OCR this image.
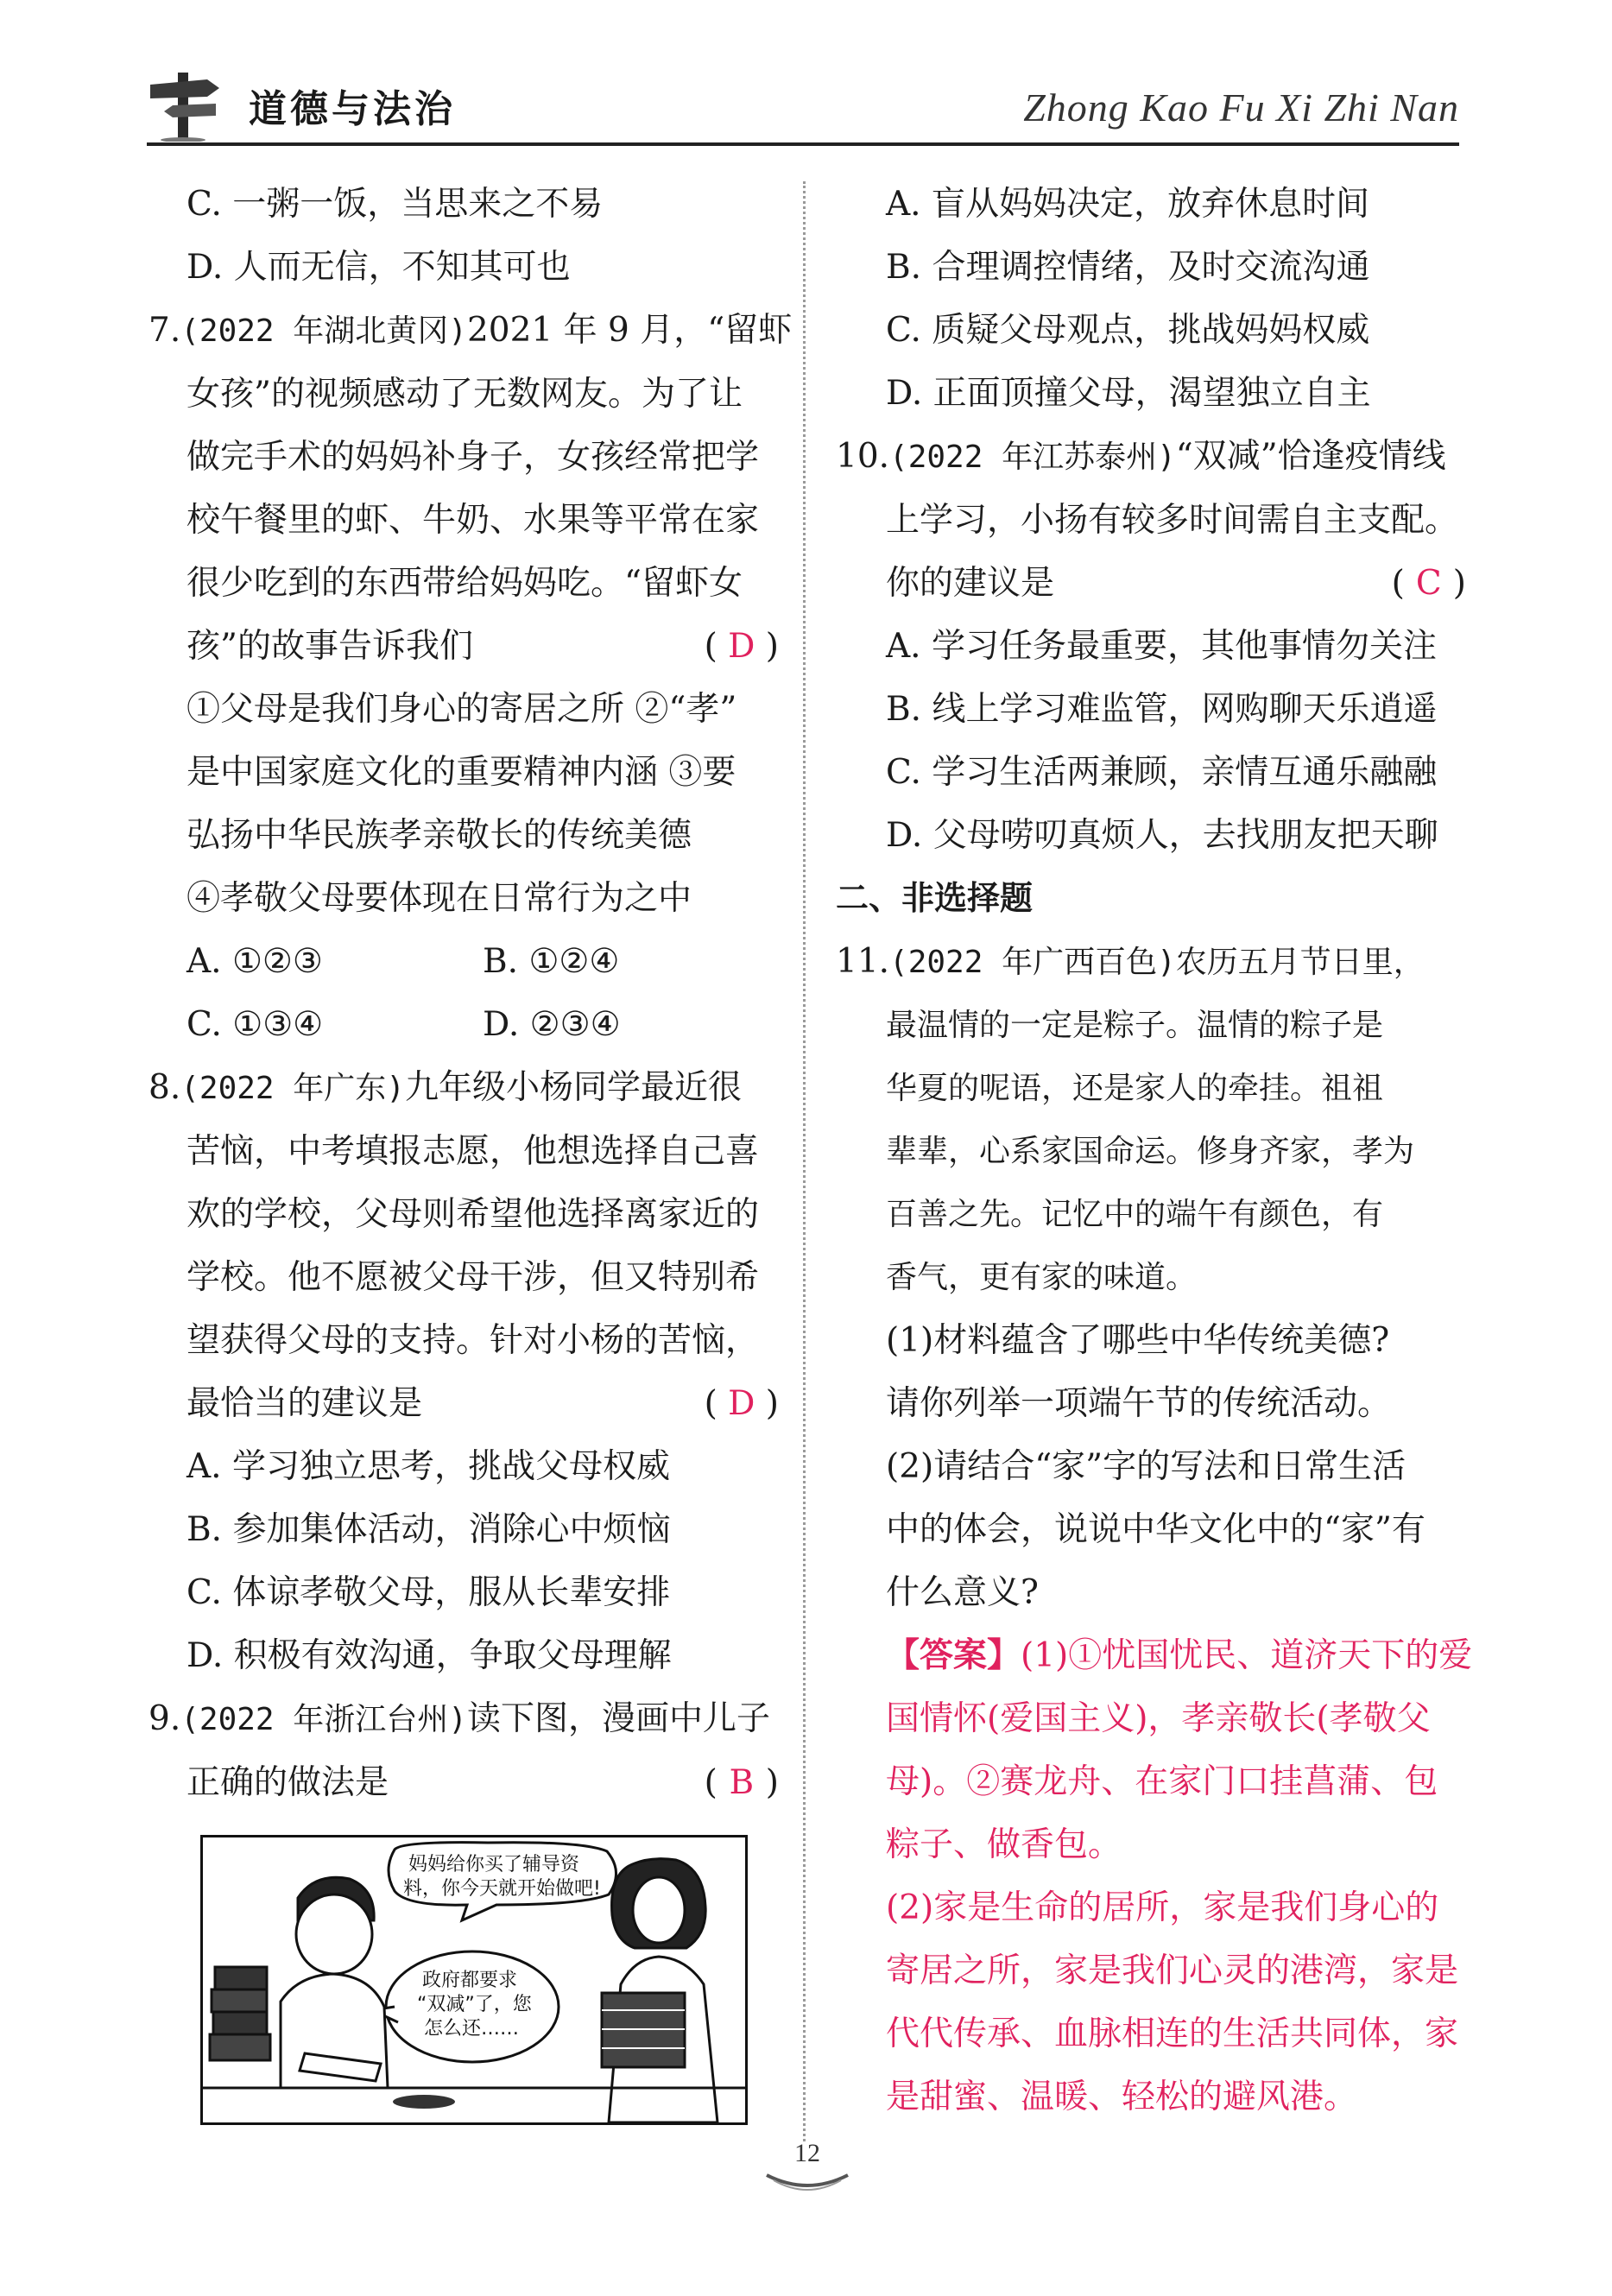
道德与法治	Zhong Kao Fu Xi Zhi Nan
C. 一粥一饭，当思来之不易
D. 人而无信，不知其可也
7.(2022 年湖北黄冈)2021 年 9 月，“留虾
女孩”的视频感动了无数网友。为了让
做完手术的妈妈补身子，女孩经常把学
校午餐里的虾、牛奶、水果等平常在家
很少吃到的东西带给妈妈吃。“留虾女
孩”的故事告诉我们	( D )
①父母是我们身心的寄居之所 ②“孝”
是中国家庭文化的重要精神内涵 ③要
弘扬中华民族孝亲敬长的传统美德
④孝敬父母要体现在日常行为之中
A. ①②③	B. ①②④
C. ①③④	D. ②③④
8.(2022 年广东)九年级小杨同学最近很
苦恼，中考填报志愿，他想选择自己喜
欢的学校，父母则希望他选择离家近的
学校。他不愿被父母干涉，但又特别希
望获得父母的支持。针对小杨的苦恼，
最恰当的建议是	( D )
A. 学习独立思考，挑战父母权威
B. 参加集体活动，消除心中烦恼
C. 体谅孝敬父母，服从长辈安排
D. 积极有效沟通，争取父母理解
9.(2022 年浙江台州)读下图，漫画中儿子
正确的做法是	( B )
妈妈给你买了辅导资
料，你今天就开始做吧!
政府都要求
“双减”了，您
怎么还……
A. 盲从妈妈决定，放弃休息时间
B. 合理调控情绪，及时交流沟通
C. 质疑父母观点，挑战妈妈权威
D. 正面顶撞父母，渴望独立自主
10.(2022 年江苏泰州)“双减”恰逢疫情线
上学习，小扬有较多时间需自主支配。
你的建议是	( C )
A. 学习任务最重要，其他事情勿关注
B. 线上学习难监管，网购聊天乐逍遥
C. 学习生活两兼顾，亲情互通乐融融
D. 父母唠叨真烦人，去找朋友把天聊
二、非选择题
11.(2022 年广西百色)农历五月节日里，
最温情的一定是粽子。温情的粽子是
华夏的呢语，还是家人的牵挂。祖祖
辈辈，心系家国命运。修身齐家，孝为
百善之先。记忆中的端午有颜色，有
香气，更有家的味道。
(1)材料蕴含了哪些中华传统美德?
请你列举一项端午节的传统活动。
(2)请结合“家”字的写法和日常生活
中的体会，说说中华文化中的“家”有
什么意义?
【答案】(1)①忧国忧民、道济天下的爱
国情怀(爱国主义)，孝亲敬长(孝敬父
母)。②赛龙舟、在家门口挂菖蒲、包
粽子、做香包。
(2)家是生命的居所，家是我们身心的
寄居之所，家是我们心灵的港湾，家是
代代传承、血脉相连的生活共同体，家
是甜蜜、温暖、轻松的避风港。
12
